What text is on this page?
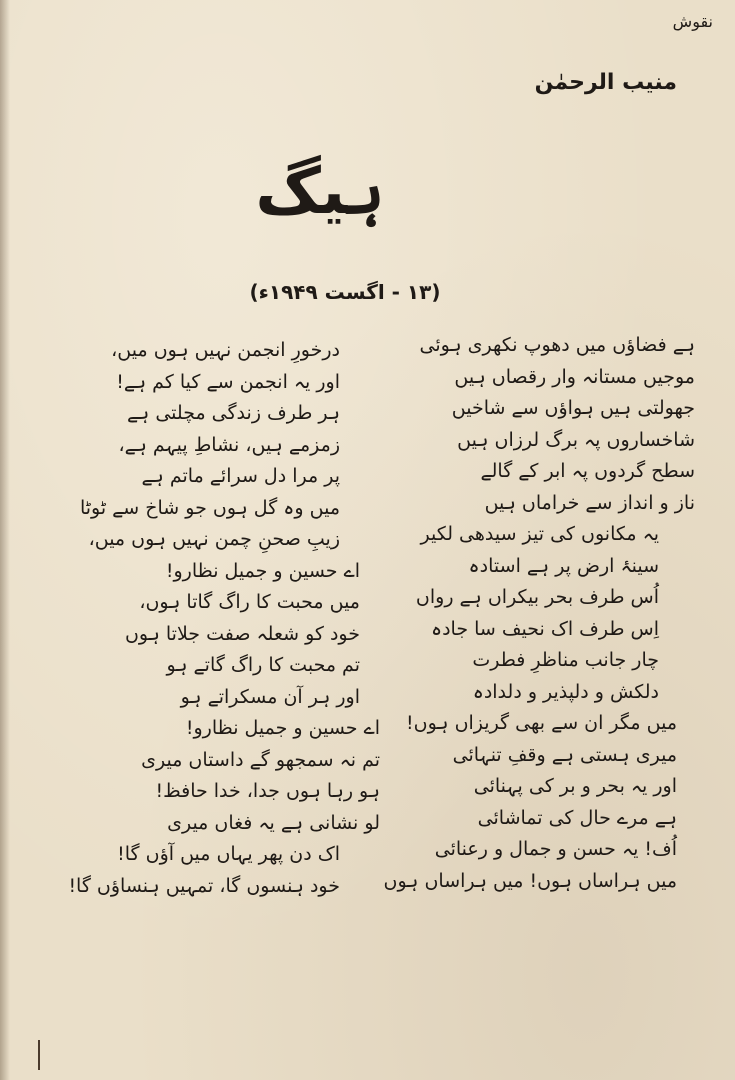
نقوش
منیب الرحمٰن
ہیگ
(۱۳ - اگست ۱۹۴۹ء)
ہے فضاؤں میں دھوپ نکھری ہوئی
موجیں مستانہ وار رقصاں ہیں
جھولتی ہیں ہواؤں سے شاخیں
شاخساروں پہ برگ لرزاں ہیں
سطح گردوں پہ ابر کے گالے
ناز و انداز سے خراماں ہیں
یہ مکانوں کی تیز سیدھی لکیر
سینۂ ارض پر ہے استادہ
اُس طرف بحر بیکراں ہے رواں
اِس طرف اک نحیف سا جادہ
چار جانب مناظرِ فطرت
دلکش و دلپذیر و دلدادہ
میں مگر ان سے بھی گریزاں ہوں!
میری ہستی ہے وقفِ تنہائی
اور یہ بحر و بر کی پہنائی
ہے مرے حال کی تماشائی
اُف! یہ حسن و جمال و رعنائی
میں ہراساں ہوں! میں ہراساں ہوں
درخورِ انجمن نہیں ہوں میں،
اور یہ انجمن سے کیا کم ہے!
ہر طرف زندگی مچلتی ہے
زمزمے ہیں، نشاطِ پیہم ہے،
پر مرا دل سرائے ماتم ہے
میں وہ گل ہوں جو شاخ سے ٹوٹا
زیبِ صحنِ چمن نہیں ہوں میں،
اے حسین و جمیل نظارو!
میں محبت کا راگ گاتا ہوں،
خود کو شعلہ صفت جلاتا ہوں
تم محبت کا راگ گاتے ہو
اور ہر آن مسکراتے ہو
اے حسین و جمیل نظارو!
تم نہ سمجھو گے داستاں میری
ہو رہا ہوں جدا، خدا حافظ!
لو نشانی ہے یہ فغاں میری
اک دن پھر یہاں میں آؤں گا!
خود ہنسوں گا، تمہیں ہنساؤں گا!
